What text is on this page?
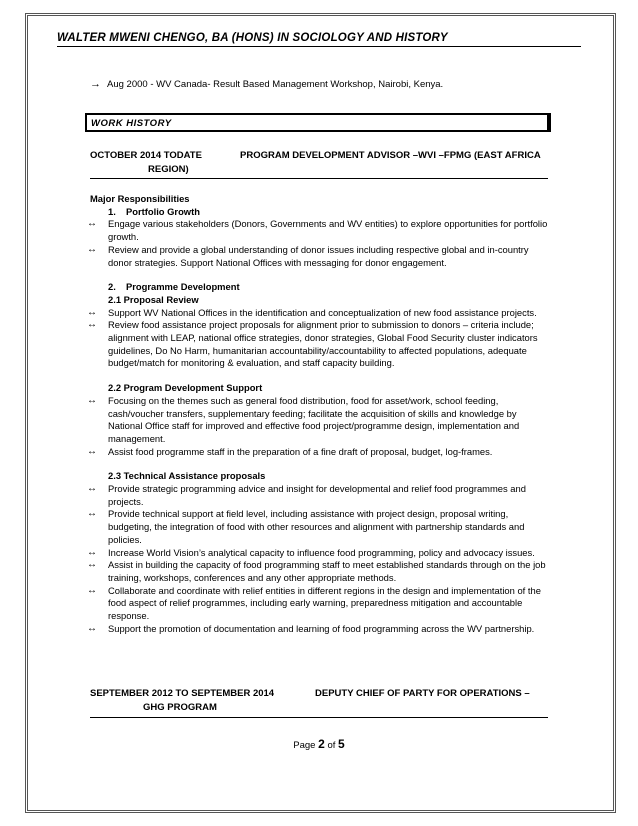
WALTER MWENI CHENGO, BA (HONS) IN SOCIOLOGY AND HISTORY
→ Aug 2000 - WV Canada- Result Based Management Workshop, Nairobi, Kenya.
WORK HISTORY
OCTOBER 2014 TODATE	PROGRAM DEVELOPMENT ADVISOR –WVI –FPMG (EAST AFRICA
REGION)
Major Responsibilities
1. Portfolio Growth
↔ Engage various stakeholders (Donors, Governments and WV entities) to explore opportunities for portfolio growth.
↔ Review and provide a global understanding of donor issues including respective global and in-country donor strategies. Support National Offices with messaging for donor engagement.
2. Programme Development
2.1 Proposal Review
↔ Support WV National Offices in the identification and conceptualization of new food assistance projects.
↔ Review food assistance project proposals for alignment prior to submission to donors – criteria include; alignment with LEAP, national office strategies, donor strategies, Global Food Security cluster indicators guidelines, Do No Harm, humanitarian accountability/accountability to affected populations, adequate budget/match for monitoring & evaluation, and staff capacity building.
2.2 Program Development Support
↔ Focusing on the themes such as general food distribution, food for asset/work, school feeding, cash/voucher transfers, supplementary feeding; facilitate the acquisition of skills and knowledge by National Office staff for improved and effective food project/programme design, implementation and management.
↔ Assist food programme staff in the preparation of a fine draft of proposal, budget, log-frames.
2.3 Technical Assistance proposals
↔ Provide strategic programming advice and insight for developmental and relief food programmes and projects.
↔ Provide technical support at field level, including assistance with project design, proposal writing, budgeting, the integration of food with other resources and alignment with partnership standards and policies.
↔ Increase World Vision’s analytical capacity to influence food programming, policy and advocacy issues.
↔ Assist in building the capacity of food programming staff to meet established standards through on the job training, workshops, conferences and any other appropriate methods.
↔ Collaborate and coordinate with relief entities in different regions in the design and implementation of the food aspect of relief programmes, including early warning, preparedness mitigation and accountable response.
↔ Support the promotion of documentation and learning of food programming across the WV partnership.
SEPTEMBER 2012 TO SEPTEMBER 2014	DEPUTY CHIEF OF PARTY FOR OPERATIONS –
GHG PROGRAM
Page 2 of 5
